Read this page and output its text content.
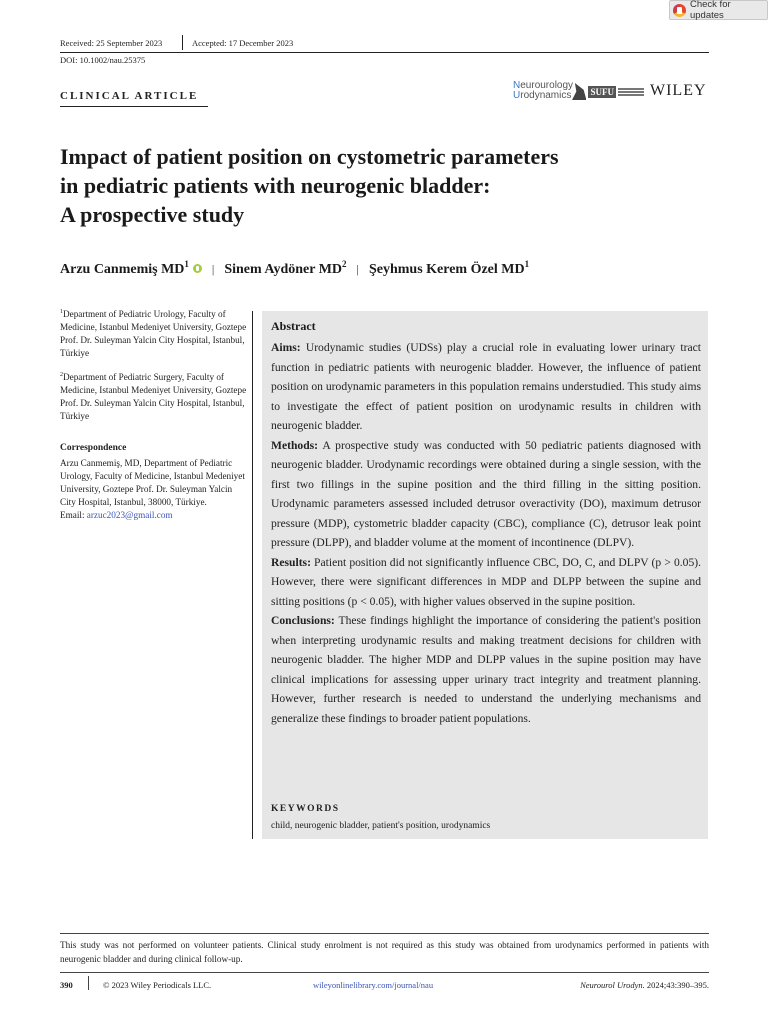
Check for updates
Received: 25 September 2023	Accepted: 17 December 2023
DOI: 10.1002/nau.25375
CLINICAL ARTICLE
Neurourology
Urodynamics SUFU WILEY
Impact of patient position on cystometric parameters
in pediatric patients with neurogenic bladder:
A prospective study
Arzu Canmemiş $MD^1$ | Sinem Aydöner $MD^2$ | Şeyhmus Kerem Özel $MD^1$
$^1$Department of Pediatric Urology, Faculty of Medicine, Istanbul Medeniyet University, Goztepe Prof. Dr. Suleyman Yalcin City Hospital, Istanbul, Türkiye
$^2$Department of Pediatric Surgery, Faculty of Medicine, Istanbul Medeniyet University, Goztepe Prof. Dr. Suleyman Yalcin City Hospital, Istanbul, Türkiye
Correspondence
Arzu Canmemiş, MD, Department of Pediatric Urology, Faculty of Medicine, Istanbul Medeniyet University, Goztepe Prof. Dr. Suleyman Yalcin City Hospital, Istanbul, 38000, Türkiye.
Email: arzuc2023@gmail.com
Abstract

Aims: Urodynamic studies (UDSs) play a crucial role in evaluating lower urinary tract function in pediatric patients with neurogenic bladder. However, the influence of patient position on urodynamic parameters in this population remains understudied. This study aims to investigate the effect of patient position on urodynamic results in children with neurogenic bladder.

Methods: A prospective study was conducted with 50 pediatric patients diagnosed with neurogenic bladder. Urodynamic recordings were obtained during a single session, with the first two fillings in the supine position and the third filling in the sitting position. Urodynamic parameters assessed included detrusor overactivity (DO), maximum detrusor pressure (MDP), cystometric bladder capacity (CBC), compliance (C), detrusor leak point pressure (DLPP), and bladder volume at the moment of incontinence (DLPV).

Results: Patient position did not significantly influence CBC, DO, C, and DLPV (p > 0.05). However, there were significant differences in MDP and DLPP between the supine and sitting positions (p < 0.05), with higher values observed in the supine position.

Conclusions: These findings highlight the importance of considering the patient's position when interpreting urodynamic results and making treatment decisions for children with neurogenic bladder. The higher MDP and DLPP values in the supine position may have clinical implications for assessing upper urinary tract integrity and treatment planning. However, further research is needed to understand the underlying mechanisms and generalize these findings to broader patient populations.

KEYWORDS
child, neurogenic bladder, patient's position, urodynamics
This study was not performed on volunteer patients. Clinical study enrolment is not required as this study was obtained from urodynamics performed in patients with neurogenic bladder and during clinical follow-up.
390	© 2023 Wiley Periodicals LLC.	wileyonlinelibrary.com/journal/nau	Neurourol Urodyn. 2024;43:390–395.
